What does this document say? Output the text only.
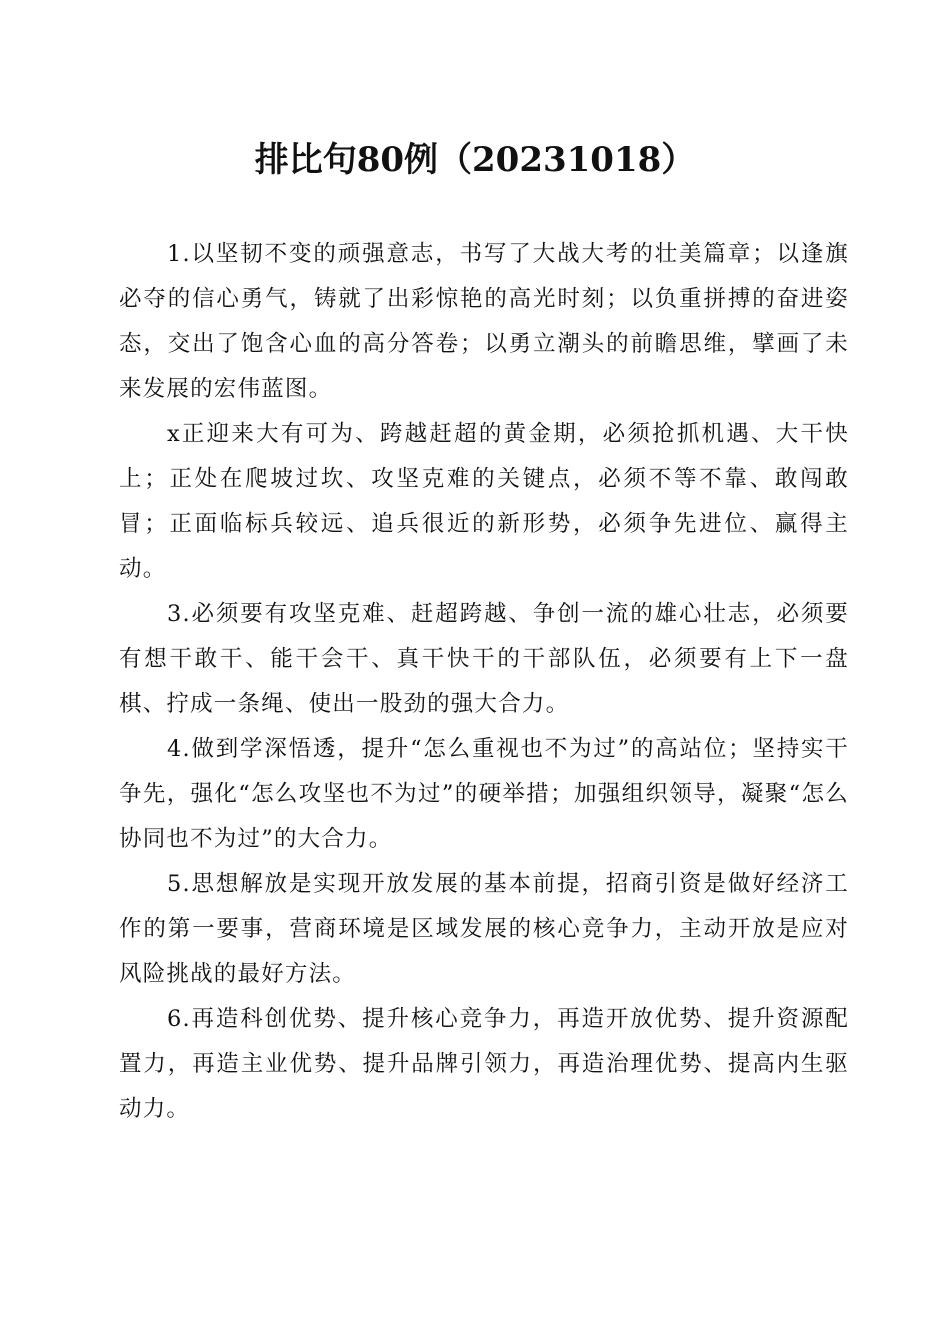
排比句80例（20231018）

1.以坚韧不变的顽强意志，书写了大战大考的壮美篇章；以逢旗必夺的信心勇气，铸就了出彩惊艳的高光时刻；以负重拼搏的奋进姿态，交出了饱含心血的高分答卷；以勇立潮头的前瞻思维，擘画了未来发展的宏伟蓝图。

x正迎来大有可为、跨越赶超的黄金期，必须抢抓机遇、大干快上；正处在爬坡过坎、攻坚克难的关键点，必须不等不靠、敢闯敢冒；正面临标兵较远、追兵很近的新形势，必须争先进位、赢得主动。

3.必须要有攻坚克难、赶超跨越、争创一流的雄心壮志，必须要有想干敢干、能干会干、真干快干的干部队伍，必须要有上下一盘棋、拧成一条绳、使出一股劲的强大合力。

4.做到学深悟透，提升“怎么重视也不为过”的高站位；坚持实干争先，强化“怎么攻坚也不为过”的硬举措；加强组织领导，凝聚“怎么协同也不为过”的大合力。

5.思想解放是实现开放发展的基本前提，招商引资是做好经济工作的第一要事，营商环境是区域发展的核心竞争力，主动开放是应对风险挑战的最好方法。

6.再造科创优势、提升核心竞争力，再造开放优势、提升资源配置力，再造主业优势、提升品牌引领力，再造治理优势、提高内生驱动力。
